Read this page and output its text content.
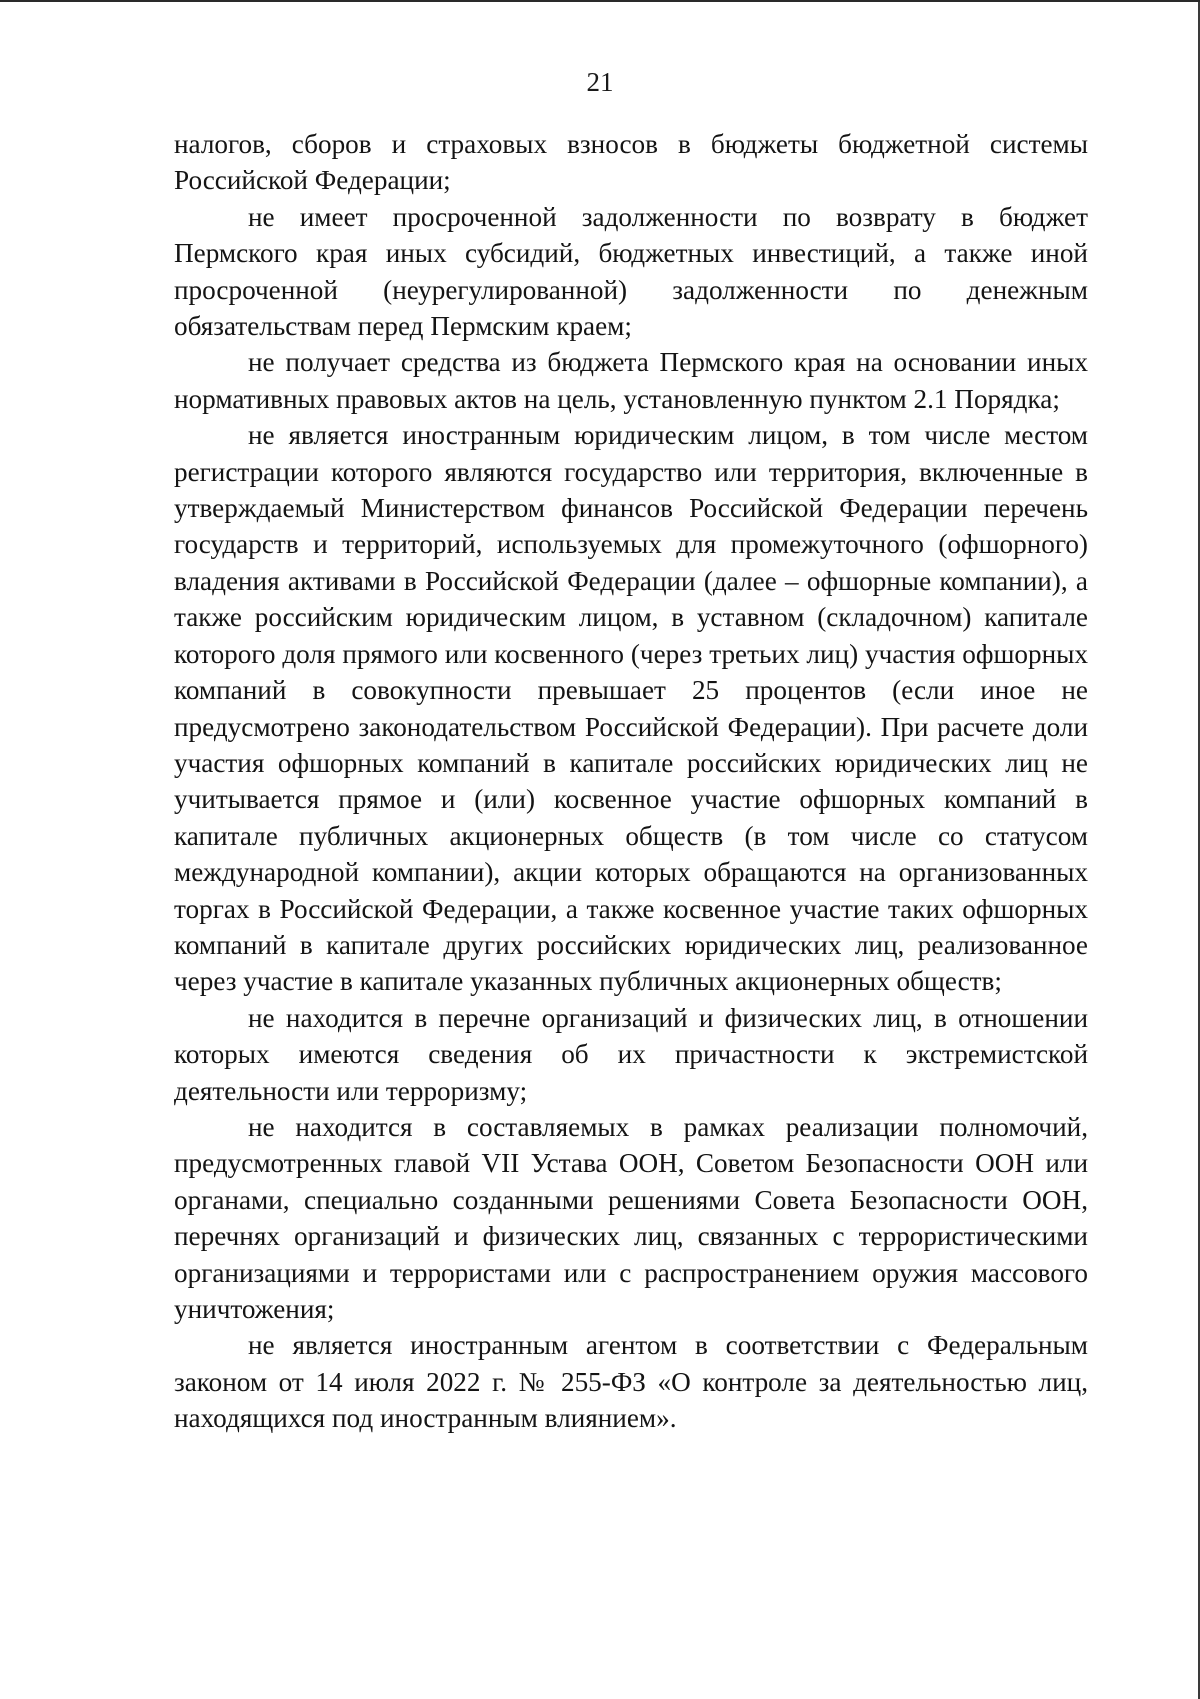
21

налогов, сборов и страховых взносов в бюджеты бюджетной системы Российской Федерации;

не имеет просроченной задолженности по возврату в бюджет Пермского края иных субсидий, бюджетных инвестиций, а также иной просроченной (неурегулированной) задолженности по денежным обязательствам перед Пермским краем;

не получает средства из бюджета Пермского края на основании иных нормативных правовых актов на цель, установленную пунктом 2.1 Порядка;

не является иностранным юридическим лицом, в том числе местом регистрации которого являются государство или территория, включенные в утверждаемый Министерством финансов Российской Федерации перечень государств и территорий, используемых для промежуточного (офшорного) владения активами в Российской Федерации (далее – офшорные компании), а также российским юридическим лицом, в уставном (складочном) капитале которого доля прямого или косвенного (через третьих лиц) участия офшорных компаний в совокупности превышает 25 процентов (если иное не предусмотрено законодательством Российской Федерации). При расчете доли участия офшорных компаний в капитале российских юридических лиц не учитывается прямое и (или) косвенное участие офшорных компаний в капитале публичных акционерных обществ (в том числе со статусом международной компании), акции которых обращаются на организованных торгах в Российской Федерации, а также косвенное участие таких офшорных компаний в капитале других российских юридических лиц, реализованное через участие в капитале указанных публичных акционерных обществ;

не находится в перечне организаций и физических лиц, в отношении которых имеются сведения об их причастности к экстремистской деятельности или терроризму;

не находится в составляемых в рамках реализации полномочий, предусмотренных главой VII Устава ООН, Советом Безопасности ООН или органами, специально созданными решениями Совета Безопасности ООН, перечнях организаций и физических лиц, связанных с террористическими организациями и террористами или с распространением оружия массового уничтожения;

не является иностранным агентом в соответствии с Федеральным законом от 14 июля 2022 г. № 255-ФЗ «О контроле за деятельностью лиц, находящихся под иностранным влиянием».
